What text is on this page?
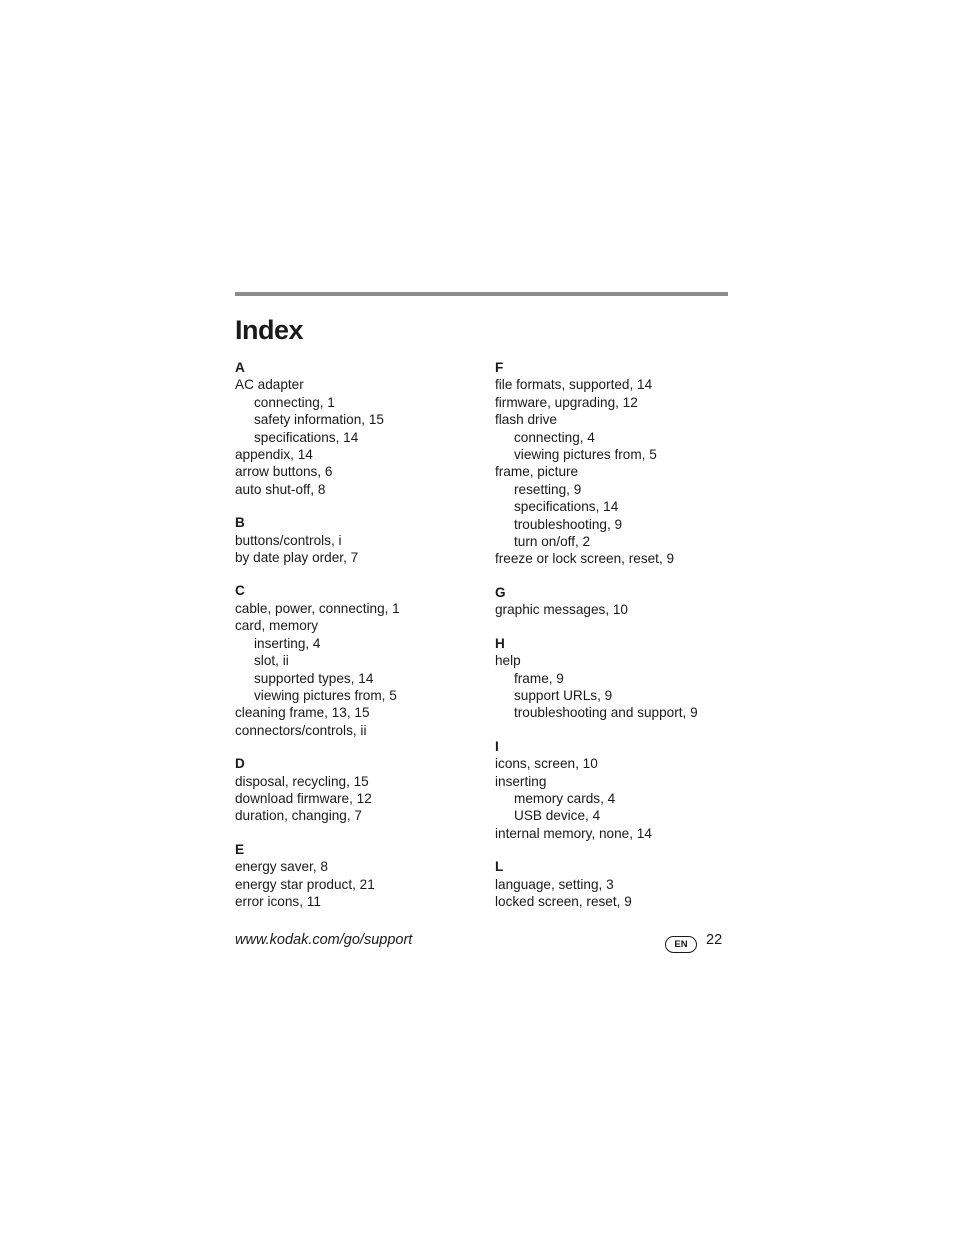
Index
A
AC adapter
connecting, 1
safety information, 15
specifications, 14
appendix, 14
arrow buttons, 6
auto shut-off, 8
B
buttons/controls, i
by date play order, 7
C
cable, power, connecting, 1
card, memory
inserting, 4
slot, ii
supported types, 14
viewing pictures from, 5
cleaning frame, 13, 15
connectors/controls, ii
D
disposal, recycling, 15
download firmware, 12
duration, changing, 7
E
energy saver, 8
energy star product, 21
error icons, 11
F
file formats, supported, 14
firmware, upgrading, 12
flash drive
connecting, 4
viewing pictures from, 5
frame, picture
resetting, 9
specifications, 14
troubleshooting, 9
turn on/off, 2
freeze or lock screen, reset, 9
G
graphic messages, 10
H
help
frame, 9
support URLs, 9
troubleshooting and support, 9
I
icons, screen, 10
inserting
memory cards, 4
USB device, 4
internal memory, none, 14
L
language, setting, 3
locked screen, reset, 9
www.kodak.com/go/support	EN	22
